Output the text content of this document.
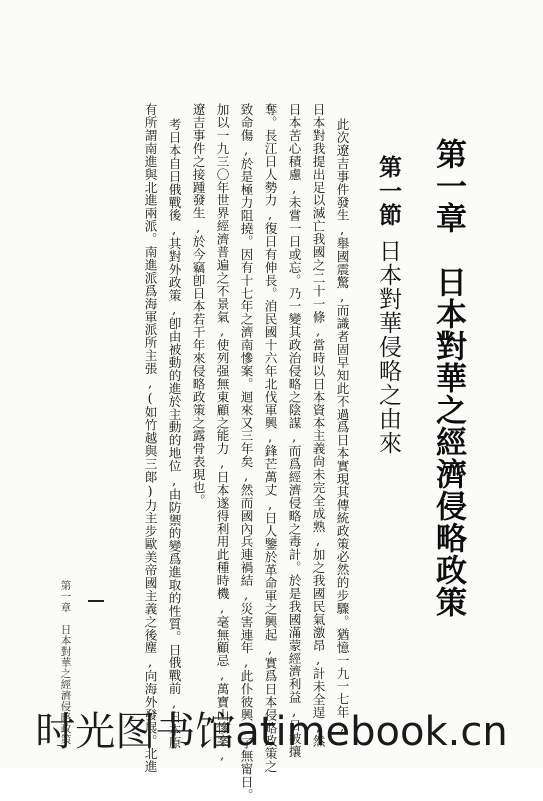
第一章　日本對華之經濟侵略政策
第一節日本對華侵略之由來
此次遼吉事件發生,舉國震驚,而識者固早知此不過爲日本實現其傳統政策必然的步驟。猶憶一九一七年,
日本對我提出足以滅亡我國之二十一條,當時以日本資本主義尙未完全成熟,加之我國民氣激昂,計未全逞,然
日本苦心積慮,未嘗一日或忘。乃一變其政治侵略之陰謀,而爲經濟侵略之毒計。於是我國滿蒙經濟利益,日被攘
奪。長江日人勢力,復日有伸長。洎民國十六年北伐軍興,鋒芒萬丈,日人鑒於革命軍之興起,實爲日本侵略政策之
致命傷,於是極力阻撓。因有十七年之濟南慘案。迴來又三年矣,然而國內兵連禍結,災害連年,此仆彼興,了無甯日。
加以一九三〇年世界經濟普遍之不景氣,使列强無東顧之能力,日本遂得利用此種時機,毫無顧忌,萬寶山慘案,
遼吉事件之接踵發生,於今竊卽日本若干年來侵略政策之露骨表現也。
考日本自日俄戰後,其對外政策,卽由被動的進於主動的地位,由防禦的變爲進取的性質。日俄戰前,日本原
有所謂南進與北進兩派。南進派爲海軍派所主張,(如竹越與三郞)力主步歐美帝國主義之後塵,向海外發展。北進
第一章　日本對華之經濟侵略政策
时光图书馆atimebook.cn
